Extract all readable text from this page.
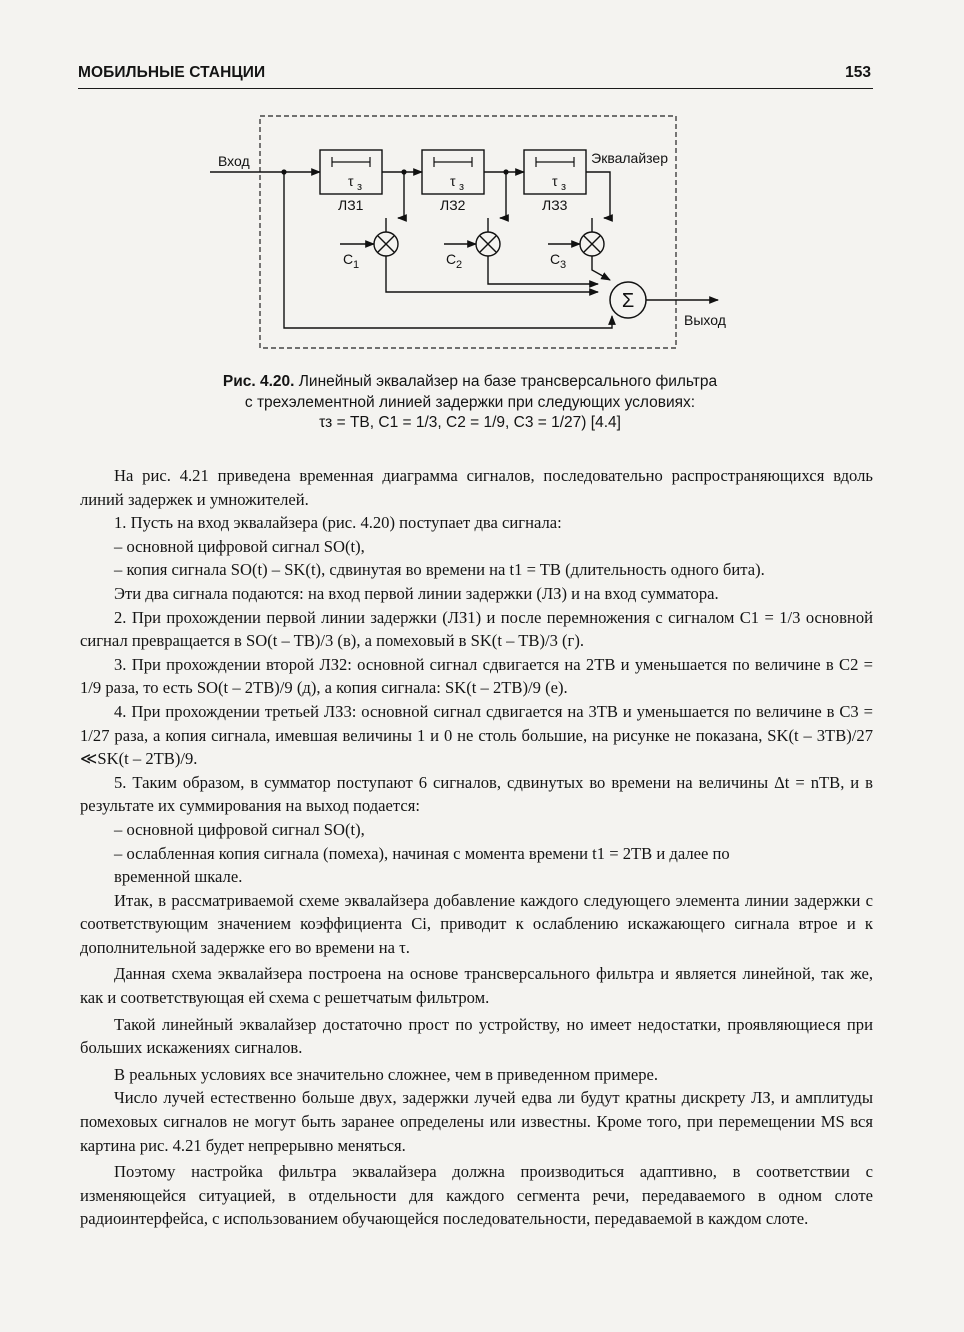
МОБИЛЬНЫЕ СТАНЦИИ	153
Эквалайзер
Вход
τ з
ЛЗ1
τ з
ЛЗ2
τ з
ЛЗ3
C 1	C 2	C 3
Σ
Выход
Рис. 4.20. Линейный эквалайзер на базе трансверсального фильтра
с трехэлементной линией задержки при следующих условиях:
τз = TB, C1 = 1/3, C2 = 1/9, C3 = 1/27) [4.4]

На рис. 4.21 приведена временная диаграмма сигналов, последовательно распространяющихся вдоль линий задержек и умножителей.

1. Пусть на вход эквалайзера (рис. 4.20) поступает два сигнала:

– основной цифровой сигнал SO(t),

– копия сигнала SO(t) – SK(t), сдвинутая во времени на t1 = TB (длительность одного бита).

Эти два сигнала подаются: на вход первой линии задержки (ЛЗ) и на вход сумматора.

2. При прохождении первой линии задержки (ЛЗ1) и после перемножения с сигналом C1 = 1/3 основной сигнал превращается в SO(t – TB)/3 (в), а помеховый в SK(t – TB)/3 (г).

3. При прохождении второй ЛЗ2: основной сигнал сдвигается на 2TB и уменьшается по величине в C2 = 1/9 раза, то есть SO(t – 2TB)/9 (д), а копия сигнала: SK(t – 2TB)/9 (е).

4. При прохождении третьей ЛЗ3: основной сигнал сдвигается на 3TB и уменьшается по величине в C3 = 1/27 раза, а копия сигнала, имевшая величины 1 и 0 не столь большие, на рисунке не показана, SK(t – 3TB)/27 ≪SK(t – 2TB)/9.

5. Таким образом, в сумматор поступают 6 сигналов, сдвинутых во времени на величины Δt = nTB, и в результате их суммирования на выход подается:

– основной цифровой сигнал SO(t),

– ослабленная копия сигнала (помеха), начиная с момента времени t1 = 2TB и далее по

временной шкале.

Итак, в рассматриваемой схеме эквалайзера добавление каждого следующего элемента линии задержки с соответствующим значением коэффициента Ci, приводит к ослаблению искажающего сигнала втрое и к дополнительной задержке его во времени на τ.

Данная схема эквалайзера построена на основе трансверсального фильтра и является линейной, так же, как и соответствующая ей схема с решетчатым фильтром.

Такой линейный эквалайзер достаточно прост по устройству, но имеет недостатки, проявляющиеся при больших искажениях сигналов.

В реальных условиях все значительно сложнее, чем в приведенном примере.

Число лучей естественно больше двух, задержки лучей едва ли будут кратны дискрету ЛЗ, и амплитуды помеховых сигналов не могут быть заранее определены или известны. Кроме того, при перемещении MS вся картина рис. 4.21 будет непрерывно меняться.

Поэтому настройка фильтра эквалайзера должна производиться адаптивно, в соответствии с изменяющейся ситуацией, в отдельности для каждого сегмента речи, передаваемого в одном слоте радиоинтерфейса, с использованием обучающейся последовательности, передаваемой в каждом слоте.
